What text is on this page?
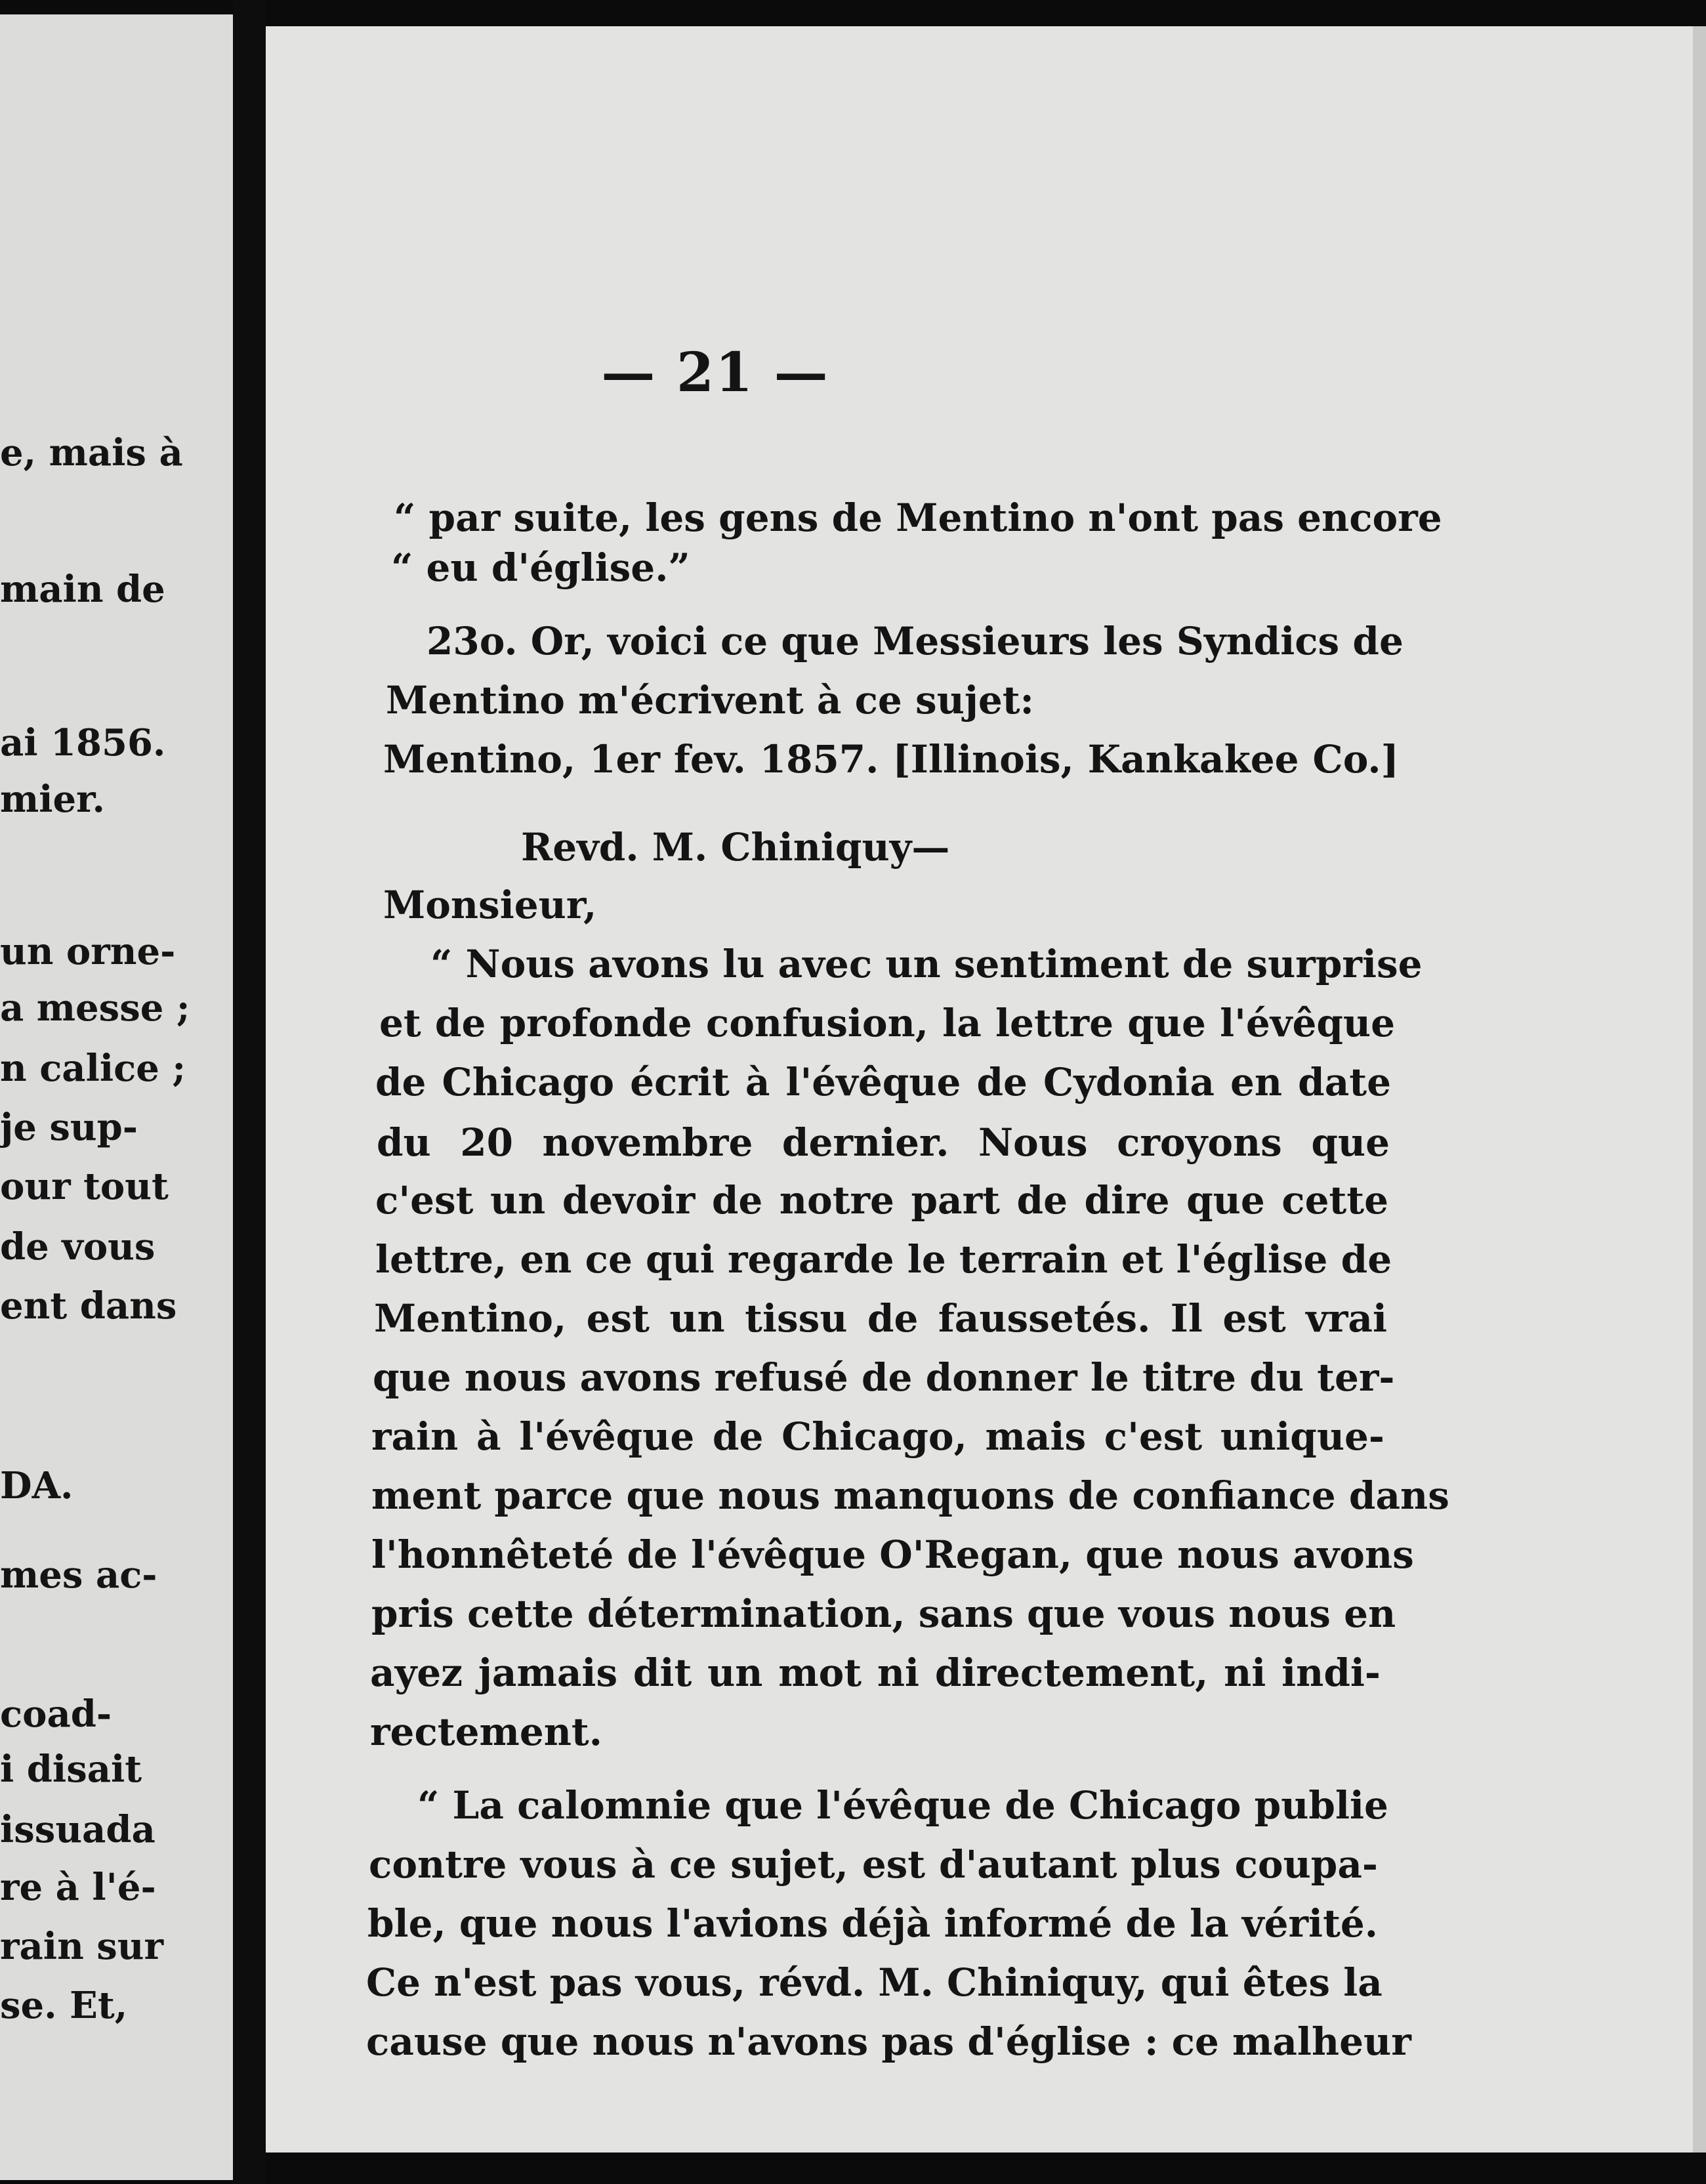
e, mais à
main de
ai 1856.
mier.
un orne-
a messe ;
n calice ;
je sup-
our tout
de vous
ent dans
DA.
mes ac-
coad-
i disait
issuada
re à l'é-
rain sur
se. Et,
— 21 —
“ par suite, les gens de Mentino n'ont pas encore
“ eu d'église.”
23o. Or, voici ce que Messieurs les Syndics de
Mentino m'écrivent à ce sujet:
Mentino, 1er fev. 1857. [Illinois, Kankakee Co.]
Revd. M. Chiniquy—
Monsieur,
“ Nous avons lu avec un sentiment de surprise
et de profonde confusion, la lettre que l'évêque
de Chicago écrit à l'évêque de Cydonia en date
du 20 novembre dernier. Nous croyons que
c'est un devoir de notre part de dire que cette
lettre, en ce qui regarde le terrain et l'église de
Mentino, est un tissu de faussetés. Il est vrai
que nous avons refusé de donner le titre du ter-
rain à l'évêque de Chicago, mais c'est unique-
ment parce que nous manquons de confiance dans
l'honnêteté de l'évêque O'Regan, que nous avons
pris cette détermination, sans que vous nous en
ayez jamais dit un mot ni directement, ni indi-
rectement.
“ La calomnie que l'évêque de Chicago publie
contre vous à ce sujet, est d'autant plus coupa-
ble, que nous l'avions déjà informé de la vérité.
Ce n'est pas vous, révd. M. Chiniquy, qui êtes la
cause que nous n'avons pas d'église : ce malheur
